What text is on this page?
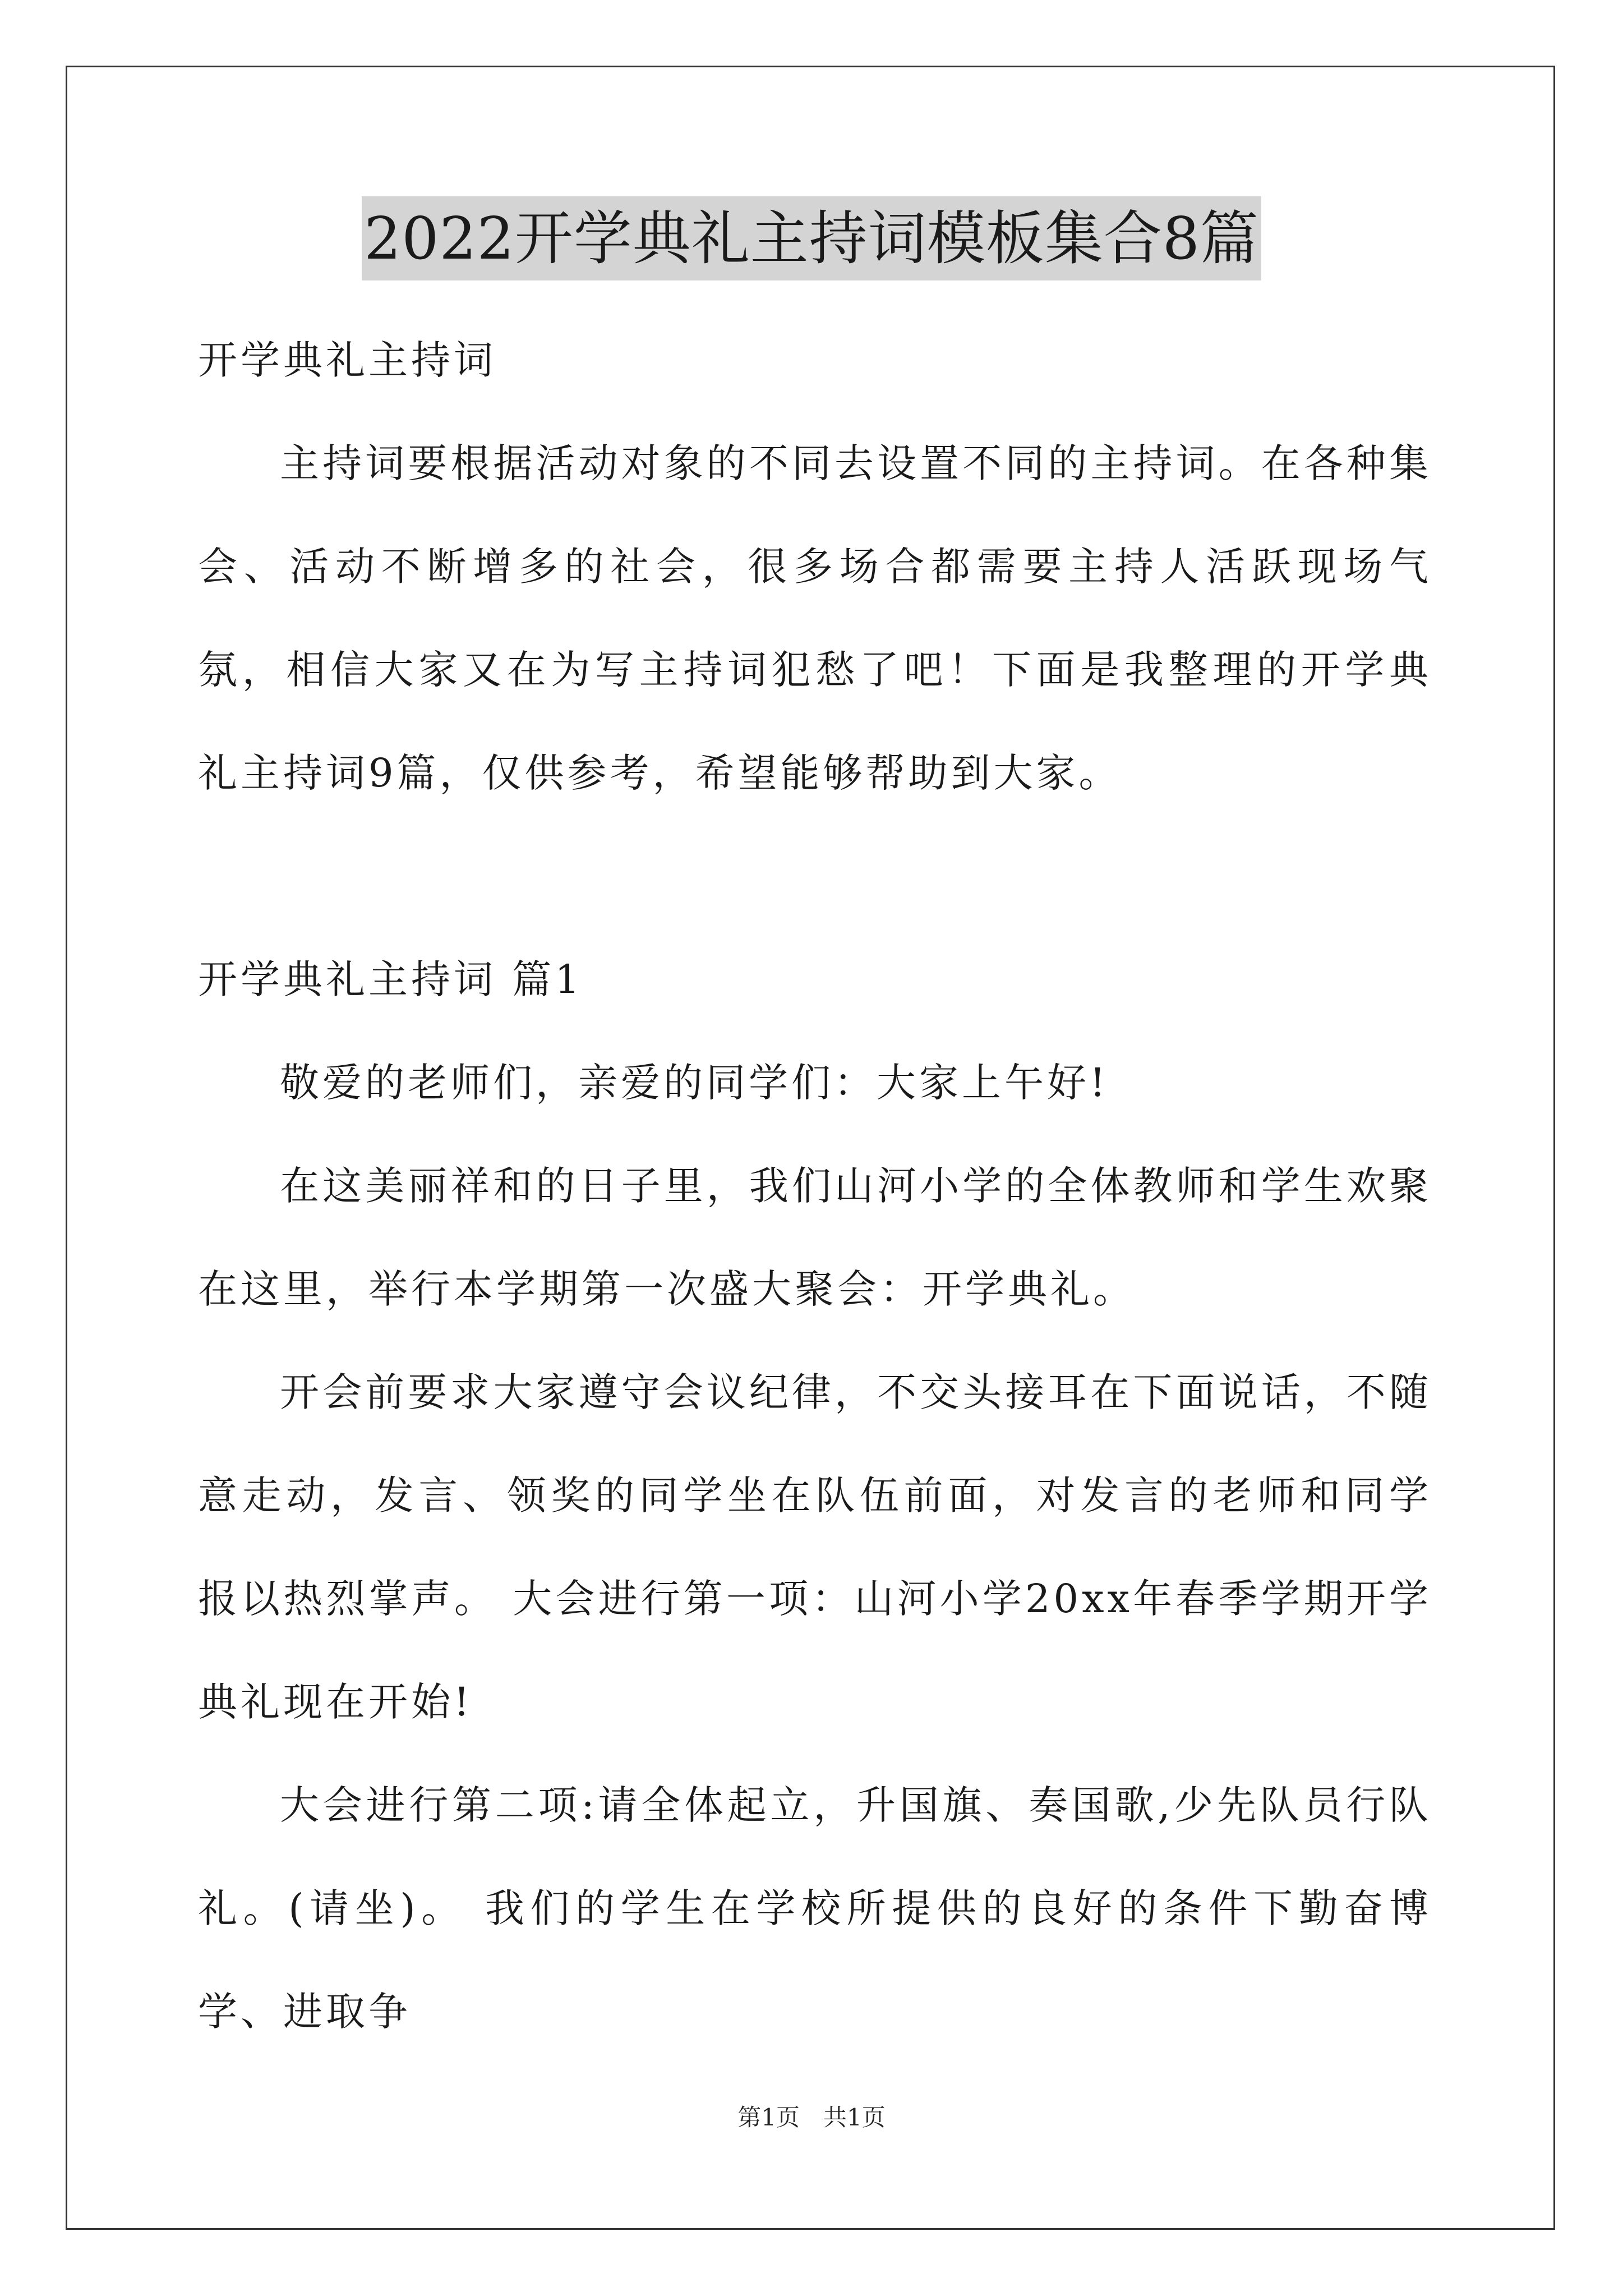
2022开学典礼主持词模板集合8篇

开学典礼主持词

主持词要根据活动对象的不同去设置不同的主持词。在各种集会、活动不断增多的社会，很多场合都需要主持人活跃现场气氛，相信大家又在为写主持词犯愁了吧！下面是我整理的开学典礼主持词9篇，仅供参考，希望能够帮助到大家。

开学典礼主持词 篇1

敬爱的老师们，亲爱的同学们：大家上午好!

在这美丽祥和的日子里，我们山河小学的全体教师和学生欢聚在这里，举行本学期第一次盛大聚会：开学典礼。

开会前要求大家遵守会议纪律，不交头接耳在下面说话，不随意走动，发言、领奖的同学坐在队伍前面，对发言的老师和同学报以热烈掌声。 大会进行第一项：山河小学20xx年春季学期开学典礼现在开始!

大会进行第二项:请全体起立，升国旗、奏国歌,少先队员行队礼。(请坐)。 我们的学生在学校所提供的良好的条件下勤奋博学、进取争

第1页　共1页
